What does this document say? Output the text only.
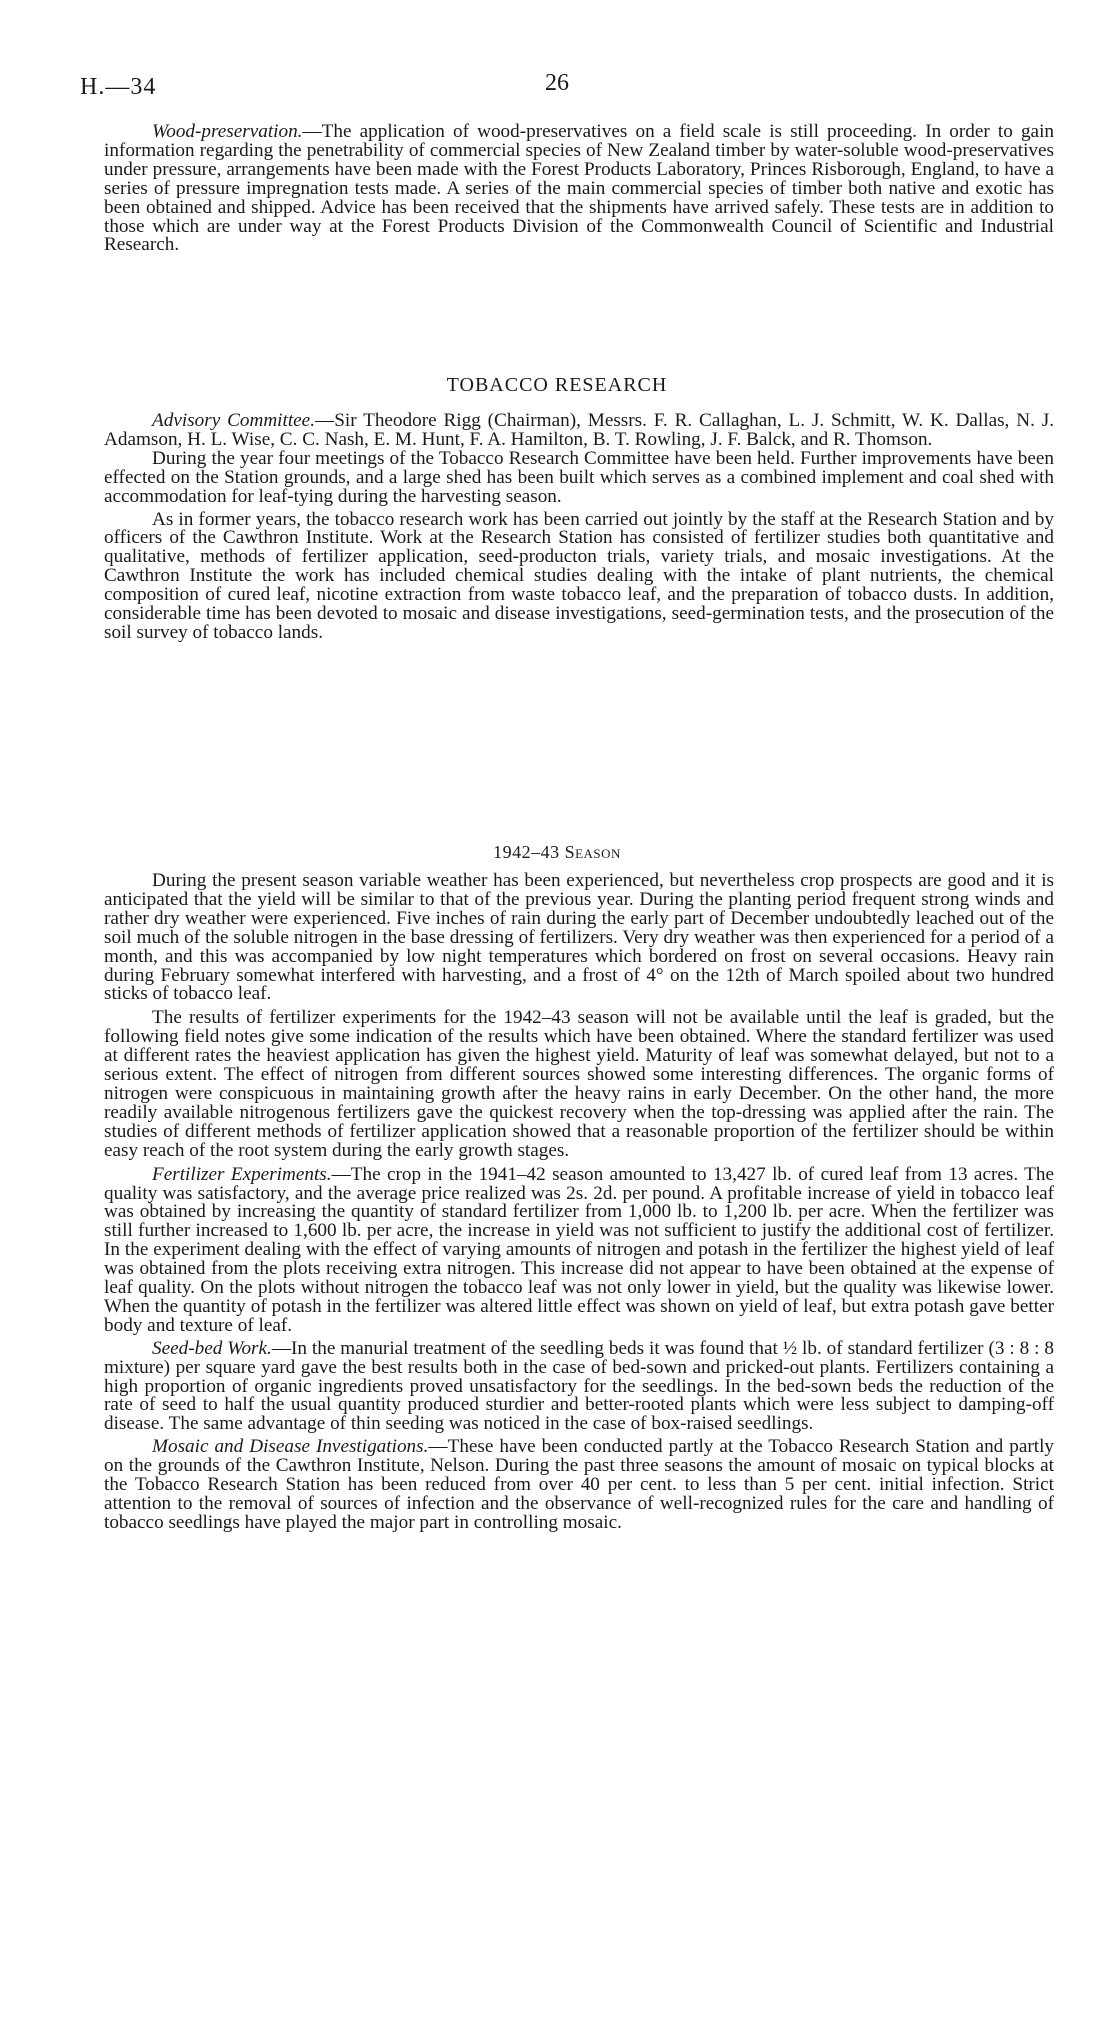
H.—34	26

Wood-preservation.—The application of wood-preservatives on a field scale is still proceeding. In order to gain information regarding the penetrability of commercial species of New Zealand timber by water-soluble wood-preservatives under pressure, arrangements have been made with the Forest Products Laboratory, Princes Risborough, England, to have a series of pressure impregnation tests made. A series of the main commercial species of timber both native and exotic has been obtained and shipped. Advice has been received that the shipments have arrived safely. These tests are in addition to those which are under way at the Forest Products Division of the Commonwealth Council of Scientific and Industrial Research.

TOBACCO RESEARCH

Advisory Committee.—Sir Theodore Rigg (Chairman), Messrs. F. R. Callaghan, L. J. Schmitt, W. K. Dallas, N. J. Adamson, H. L. Wise, C. C. Nash, E. M. Hunt, F. A. Hamilton, B. T. Rowling, J. F. Balck, and R. Thomson.

During the year four meetings of the Tobacco Research Committee have been held. Further improvements have been effected on the Station grounds, and a large shed has been built which serves as a combined implement and coal shed with accommodation for leaf-tying during the harvesting season.

As in former years, the tobacco research work has been carried out jointly by the staff at the Research Station and by officers of the Cawthron Institute. Work at the Research Station has consisted of fertilizer studies both quantitative and qualitative, methods of fertilizer application, seed-producton trials, variety trials, and mosaic investigations. At the Cawthron Institute the work has included chemical studies dealing with the intake of plant nutrients, the chemical composition of cured leaf, nicotine extraction from waste tobacco leaf, and the preparation of tobacco dusts. In addition, considerable time has been devoted to mosaic and disease investigations, seed-germination tests, and the prosecution of the soil survey of tobacco lands.

1942–43 Season

During the present season variable weather has been experienced, but nevertheless crop prospects are good and it is anticipated that the yield will be similar to that of the previous year. During the planting period frequent strong winds and rather dry weather were experienced. Five inches of rain during the early part of December undoubtedly leached out of the soil much of the soluble nitrogen in the base dressing of fertilizers. Very dry weather was then experienced for a period of a month, and this was accompanied by low night temperatures which bordered on frost on several occasions. Heavy rain during February somewhat interfered with harvesting, and a frost of 4° on the 12th of March spoiled about two hundred sticks of tobacco leaf.

The results of fertilizer experiments for the 1942–43 season will not be available until the leaf is graded, but the following field notes give some indication of the results which have been obtained. Where the standard fertilizer was used at different rates the heaviest application has given the highest yield. Maturity of leaf was somewhat delayed, but not to a serious extent. The effect of nitrogen from different sources showed some interesting differences. The organic forms of nitrogen were conspicuous in maintaining growth after the heavy rains in early December. On the other hand, the more readily available nitrogenous fertilizers gave the quickest recovery when the top-dressing was applied after the rain. The studies of different methods of fertilizer application showed that a reasonable proportion of the fertilizer should be within easy reach of the root system during the early growth stages.

Fertilizer Experiments.—The crop in the 1941–42 season amounted to 13,427 lb. of cured leaf from 13 acres. The quality was satisfactory, and the average price realized was 2s. 2d. per pound. A profitable increase of yield in tobacco leaf was obtained by increasing the quantity of standard fertilizer from 1,000 lb. to 1,200 lb. per acre. When the fertilizer was still further increased to 1,600 lb. per acre, the increase in yield was not sufficient to justify the additional cost of fertilizer. In the experiment dealing with the effect of varying amounts of nitrogen and potash in the fertilizer the highest yield of leaf was obtained from the plots receiving extra nitrogen. This increase did not appear to have been obtained at the expense of leaf quality. On the plots without nitrogen the tobacco leaf was not only lower in yield, but the quality was likewise lower. When the quantity of potash in the fertilizer was altered little effect was shown on yield of leaf, but extra potash gave better body and texture of leaf.

Seed-bed Work.—In the manurial treatment of the seedling beds it was found that ½ lb. of standard fertilizer (3 : 8 : 8 mixture) per square yard gave the best results both in the case of bed-sown and pricked-out plants. Fertilizers containing a high proportion of organic ingredients proved unsatisfactory for the seedlings. In the bed-sown beds the reduction of the rate of seed to half the usual quantity produced sturdier and better-rooted plants which were less subject to damping-off disease. The same advantage of thin seeding was noticed in the case of box-raised seedlings.

Mosaic and Disease Investigations.—These have been conducted partly at the Tobacco Research Station and partly on the grounds of the Cawthron Institute, Nelson. During the past three seasons the amount of mosaic on typical blocks at the Tobacco Research Station has been reduced from over 40 per cent. to less than 5 per cent. initial infection. Strict attention to the removal of sources of infection and the observance of well-recognized rules for the care and handling of tobacco seedlings have played the major part in controlling mosaic.
